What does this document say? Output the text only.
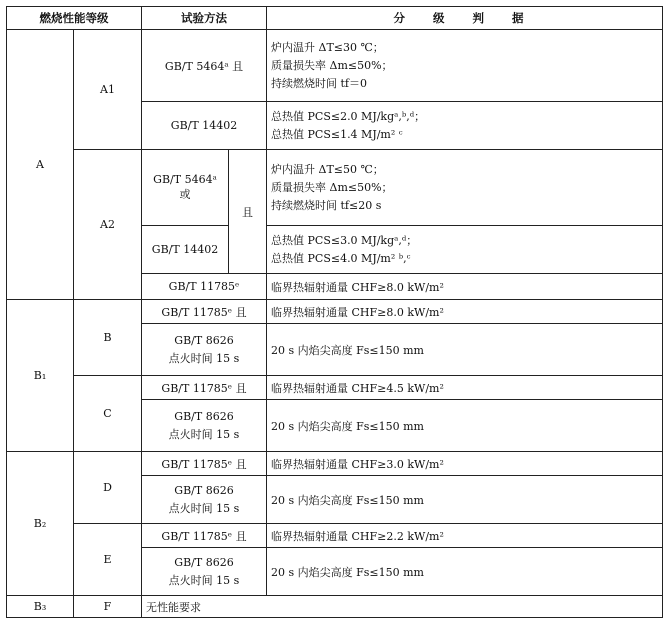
燃烧性能等级		试验方法		分 级 判 据
A	A1	GB/T 5464ᵃ 且		炉内温升 ΔT≤30 ℃；
质量损失率 Δm≤50%；
持续燃烧时间 tf＝0

		GB/T 14402		总热值 PCS≤2.0 MJ/kgᵃ,ᵇ,ᵈ；
总热值 PCS≤1.4 MJ/m² ᶜ

	A2	GB/T 5464ᵃ 或	且	炉内温升 ΔT≤50 ℃；
质量损失率 Δm≤50%；
持续燃烧时间 tf≤20 s

		GB/T 14402		总热值 PCS≤3.0 MJ/kgᵃ,ᵈ；
总热值 PCS≤4.0 MJ/m² ᵇ,ᶜ

		GB/T 11785ᵉ		临界热辐射通量 CHF≥8.0 kW/m²
B₁	B	GB/T 11785ᵉ 且		临界热辐射通量 CHF≥8.0 kW/m²

		GB/T 8626
点火时间 15 s		20 s 内焰尖高度 Fs≤150 mm
	C	GB/T 11785ᵉ 且		临界热辐射通量 CHF≥4.5 kW/m²

		GB/T 8626
点火时间 15 s		20 s 内焰尖高度 Fs≤150 mm
B₂	D	GB/T 11785ᵉ 且		临界热辐射通量 CHF≥3.0 kW/m²

		GB/T 8626
点火时间 15 s		20 s 内焰尖高度 Fs≤150 mm
	E	GB/T 11785ᵉ 且		临界热辐射通量 CHF≥2.2 kW/m²

		GB/T 8626
点火时间 15 s		20 s 内焰尖高度 Fs≤150 mm
B₃	F	无性能要求		
